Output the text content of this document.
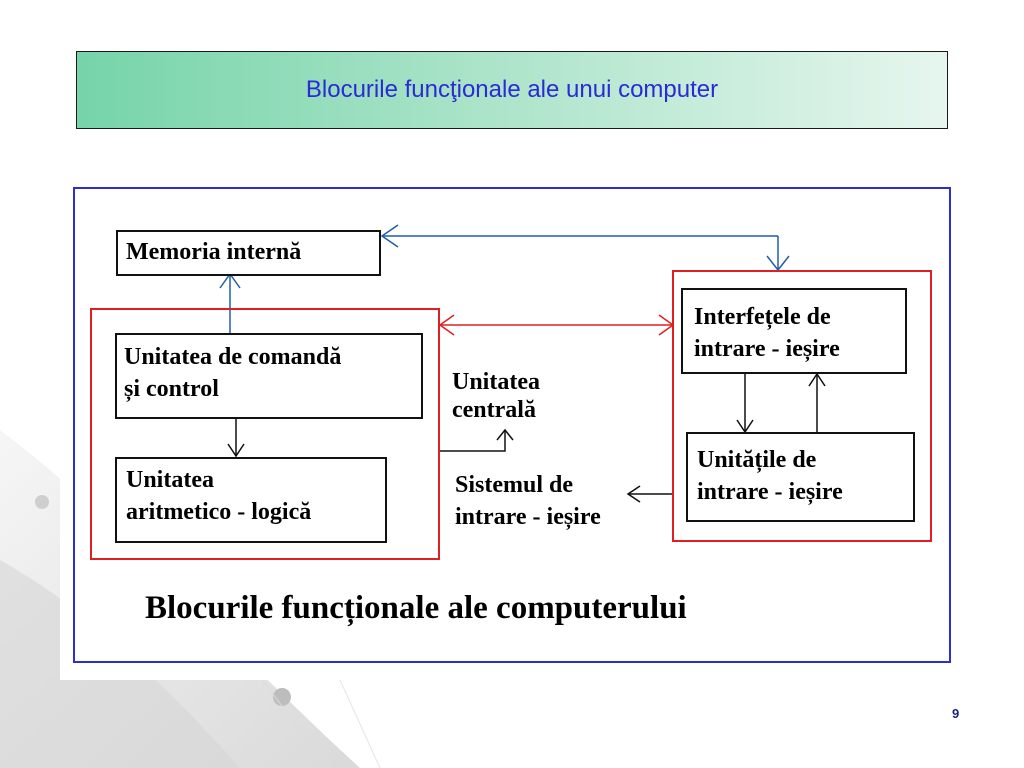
Blocurile funcţionale ale unui computer
Memoria internă
Unitatea de comandă
și control
Unitatea
aritmetico - logică
Unitatea
centrală
Interfețele de
intrare - ieșire
Unitățile de
intrare - ieșire
Sistemul de
intrare - ieșire
Blocurile funcționale ale computerului
9
